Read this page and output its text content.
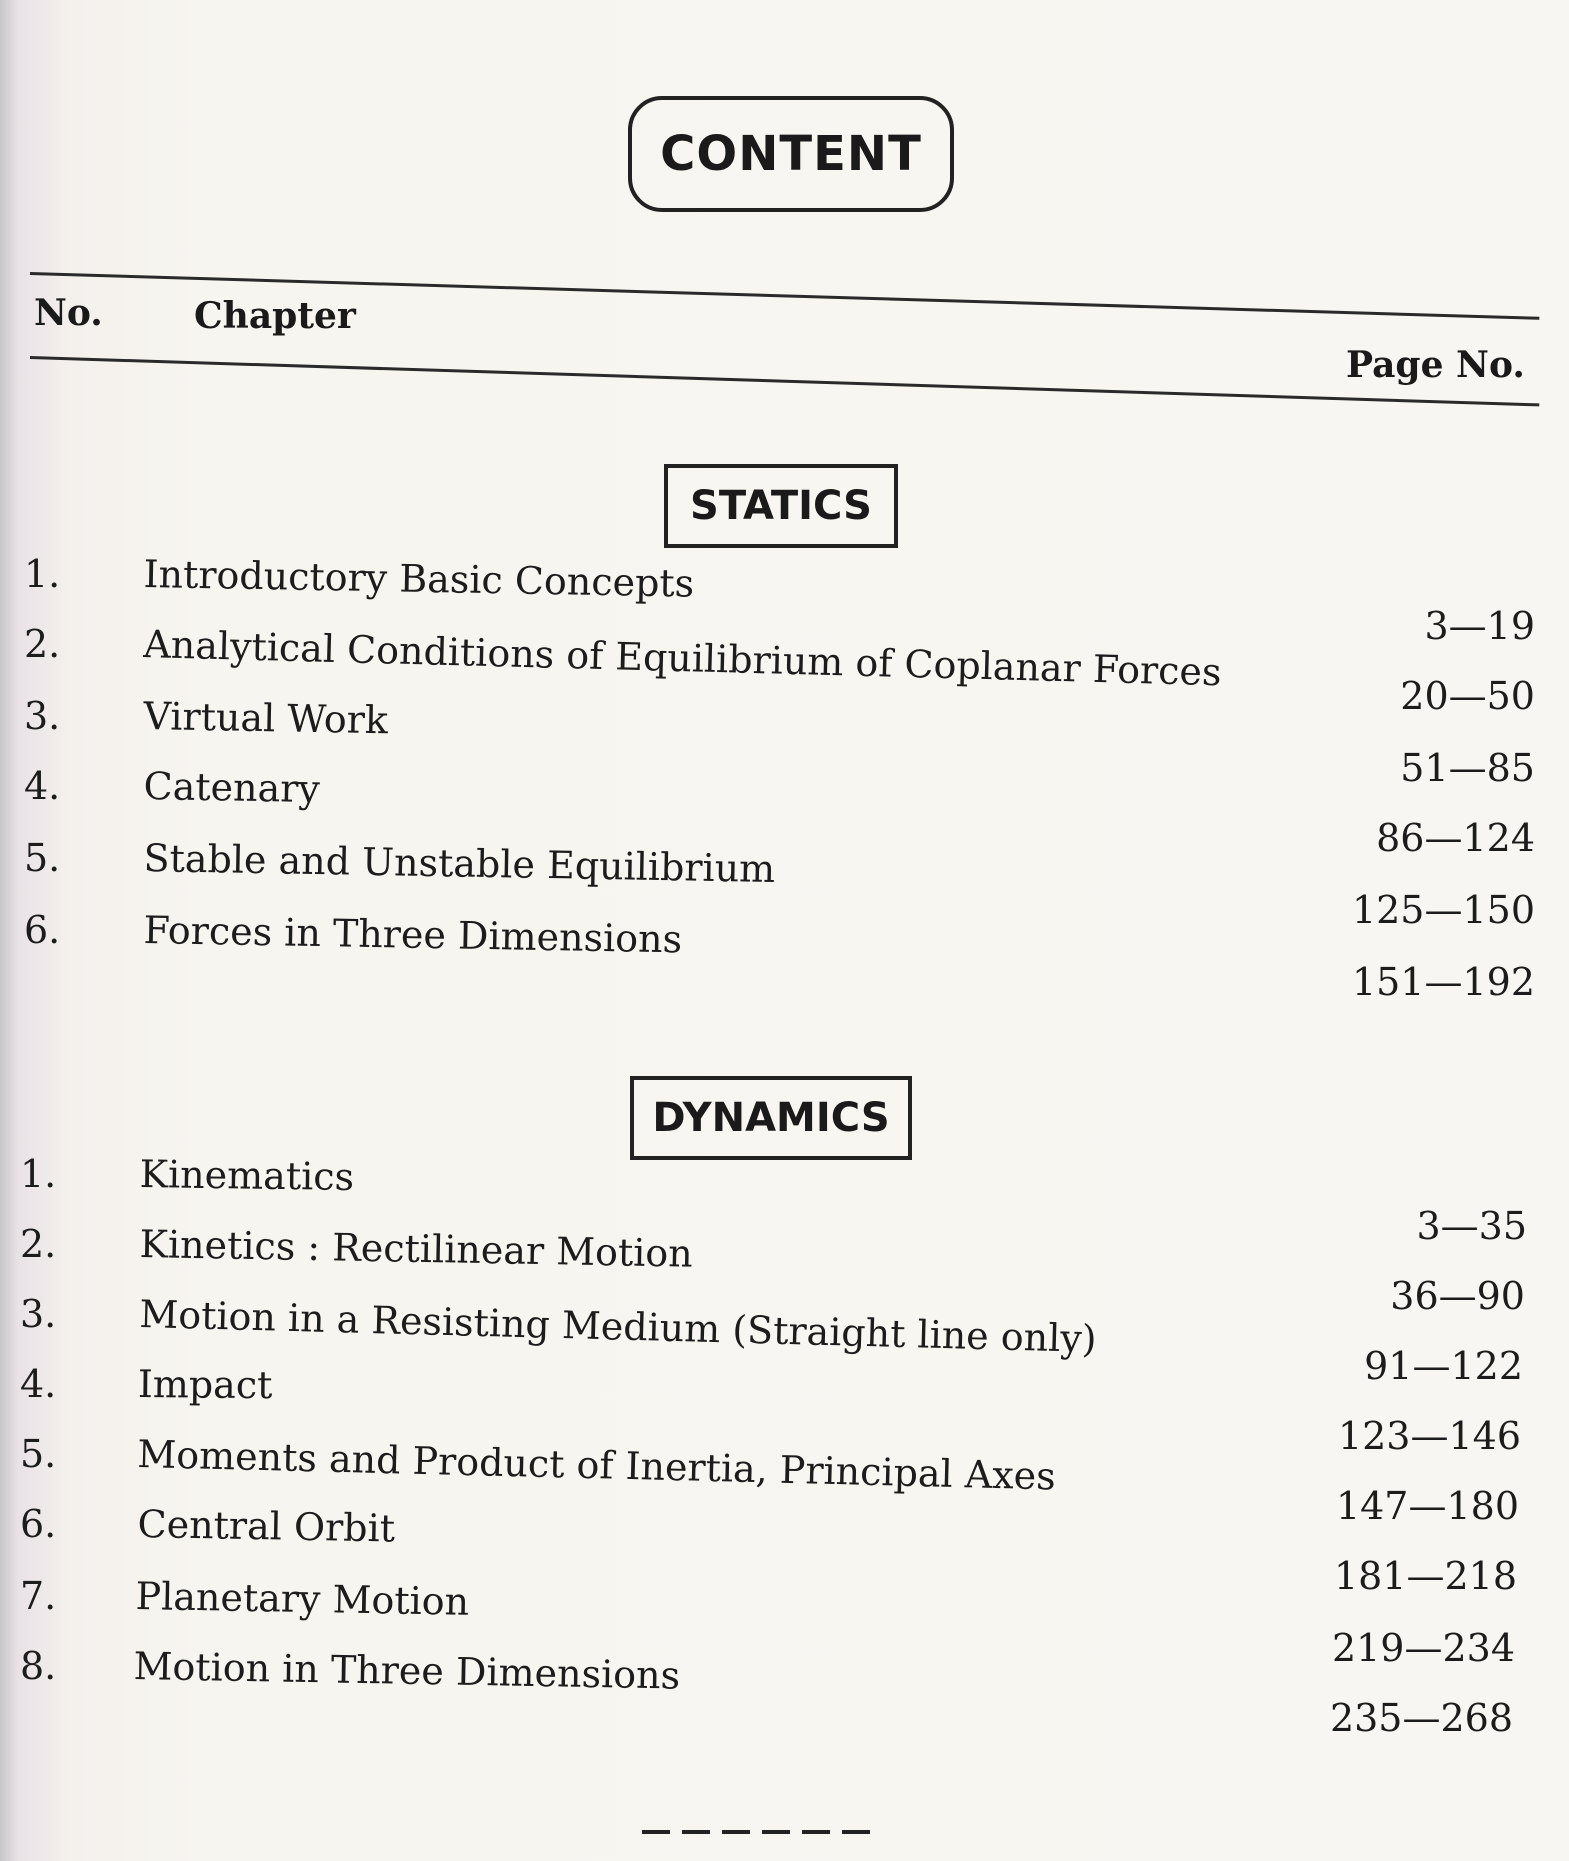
CONTENT
No.	Chapter
Page No.
STATICS
1. Introductory Basic Concepts
3—19
2. Analytical Conditions of Equilibrium of Coplanar Forces
20—50
3. Virtual Work
51—85
4. Catenary
86—124
5. Stable and Unstable Equilibrium
125—150
6. Forces in Three Dimensions
151—192
DYNAMICS
1. Kinematics
3—35
2. Kinetics : Rectilinear Motion
36—90
3. Motion in a Resisting Medium (Straight line only)
91—122
4. Impact
123—146
5. Moments and Product of Inertia, Principal Axes
147—180
6. Central Orbit
181—218
7. Planetary Motion
219—234
8. Motion in Three Dimensions
235—268
